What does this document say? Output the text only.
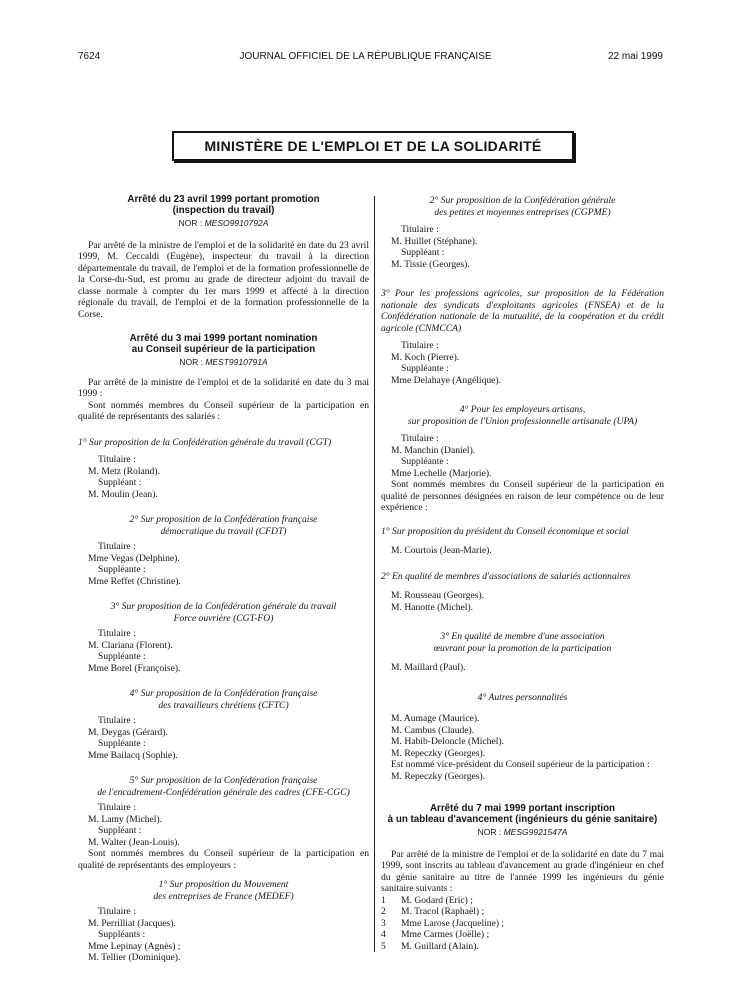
JOURNAL OFFICIEL DE LA RÉPUBLIQUE FRANÇAISE
7624	22 mai 1999
MINISTÈRE DE L'EMPLOI ET DE LA SOLIDARITÉ

Arrêté du 23 avril 1999 portant promotion

(inspection du travail)

NOR : MESO9910792A

Par arrêté de la ministre de l'emploi et de la solidarité en date du 23 avril 1999, M. Ceccaldi (Eugène), inspecteur du travail à la direction départementale du travail, de l'emploi et de la formation professionnelle de la Corse-du-Sud, est promu au grade de directeur adjoint du travail de classe normale à compter du 1er mars 1999 et affecté à la direction régionale du travail, de l'emploi et de la formation professionnelle de la Corse.

Arrêté du 3 mai 1999 portant nomination

au Conseil supérieur de la participation

NOR : MEST9910791A

Par arrêté de la ministre de l'emploi et de la solidarité en date du 3 mai 1999 :

Sont nommés membres du Conseil supérieur de la participation en qualité de représentants des salariés :

1° Sur proposition de la Confédération générale du travail (CGT)

Titulaire :

M. Metz (Roland).

Suppléant :

M. Moulin (Jean).

2° Sur proposition de la Confédération française

démocratique du travail (CFDT)

Titulaire :

Mme Vegas (Delphine).

Suppléante :

Mme Reffet (Christine).

3° Sur proposition de la Confédération générale du travail

Force ouvrière (CGT-FO)

Titulaire :

M. Clariana (Florent).

Suppléante :

Mme Borel (Françoise).

4° Sur proposition de la Confédération française

des travailleurs chrétiens (CFTC)

Titulaire :

M. Deygas (Gérard).

Suppléante :

Mme Bailacq (Sophie).

5° Sur proposition de la Confédération française

de l'encadrement-Confédération générale des cadres (CFE-CGC)

Titulaire :

M. Lamy (Michel).

Suppléant :

M. Walter (Jean-Louis).

Sont nommés membres du Conseil supérieur de la participation en qualité de représentants des employeurs :

1° Sur proposition du Mouvement

des entreprises de France (MEDEF)

Titulaire :

M. Perrilliat (Jacques).

Suppléants :

Mme Lepinay (Agnès) ;

M. Tellier (Dominique).

2° Sur proposition de la Confédération générale

des petites et moyennes entreprises (CGPME)

Titulaire :

M. Huillet (Stéphane).

Suppléant :

M. Tissie (Georges).

3° Pour les professions agricoles, sur proposition de la Fédération nationale des syndicats d'exploitants agricoles (FNSEA) et de la Confédération nationale de la mutualité, de la coopération et du crédit agricole (CNMCCA)

Titulaire :

M. Koch (Pierre).

Suppléante :

Mme Delahaye (Angélique).

4° Pour les employeurs artisans,

sur proposition de l'Union professionnelle artisanale (UPA)

Titulaire :

M. Manchin (Daniel).

Suppléante :

Mme Lechelle (Marjorie).

Sont nommés membres du Conseil supérieur de la participation en qualité de personnes désignées en raison de leur compétence ou de leur expérience :

1° Sur proposition du président du Conseil économique et social

M. Courtois (Jean-Marie).

2° En qualité de membres d'associations de salariés actionnaires

M. Rousseau (Georges).

M. Hanotte (Michel).

3° En qualité de membre d'une association

œuvrant pour la promotion de la participation

M. Maillard (Paul).

4° Autres personnalités

M. Aumage (Maurice).

M. Cambus (Claude).

M. Habib-Deloncle (Michel).

M. Repeczky (Georges).

Est nommé vice-président du Conseil supérieur de la participation :

M. Repeczky (Georges).

Arrêté du 7 mai 1999 portant inscription

à un tableau d'avancement (ingénieurs du génie sanitaire)

NOR : MESG9921547A

Par arrêté de la ministre de l'emploi et de la solidarité en date du 7 mai 1999, sont inscrits au tableau d'avancement au grade d'ingénieur en chef du génie sanitaire au titre de l'année 1999 les ingénieurs du génie sanitaire suivants :

1	M. Godard (Eric) ;
2	M. Tracol (Raphaël) ;
3	Mme Larose (Jacqueline) ;
4	Mme Carmes (Joëlle) ;
5	M. Guillard (Alain).
